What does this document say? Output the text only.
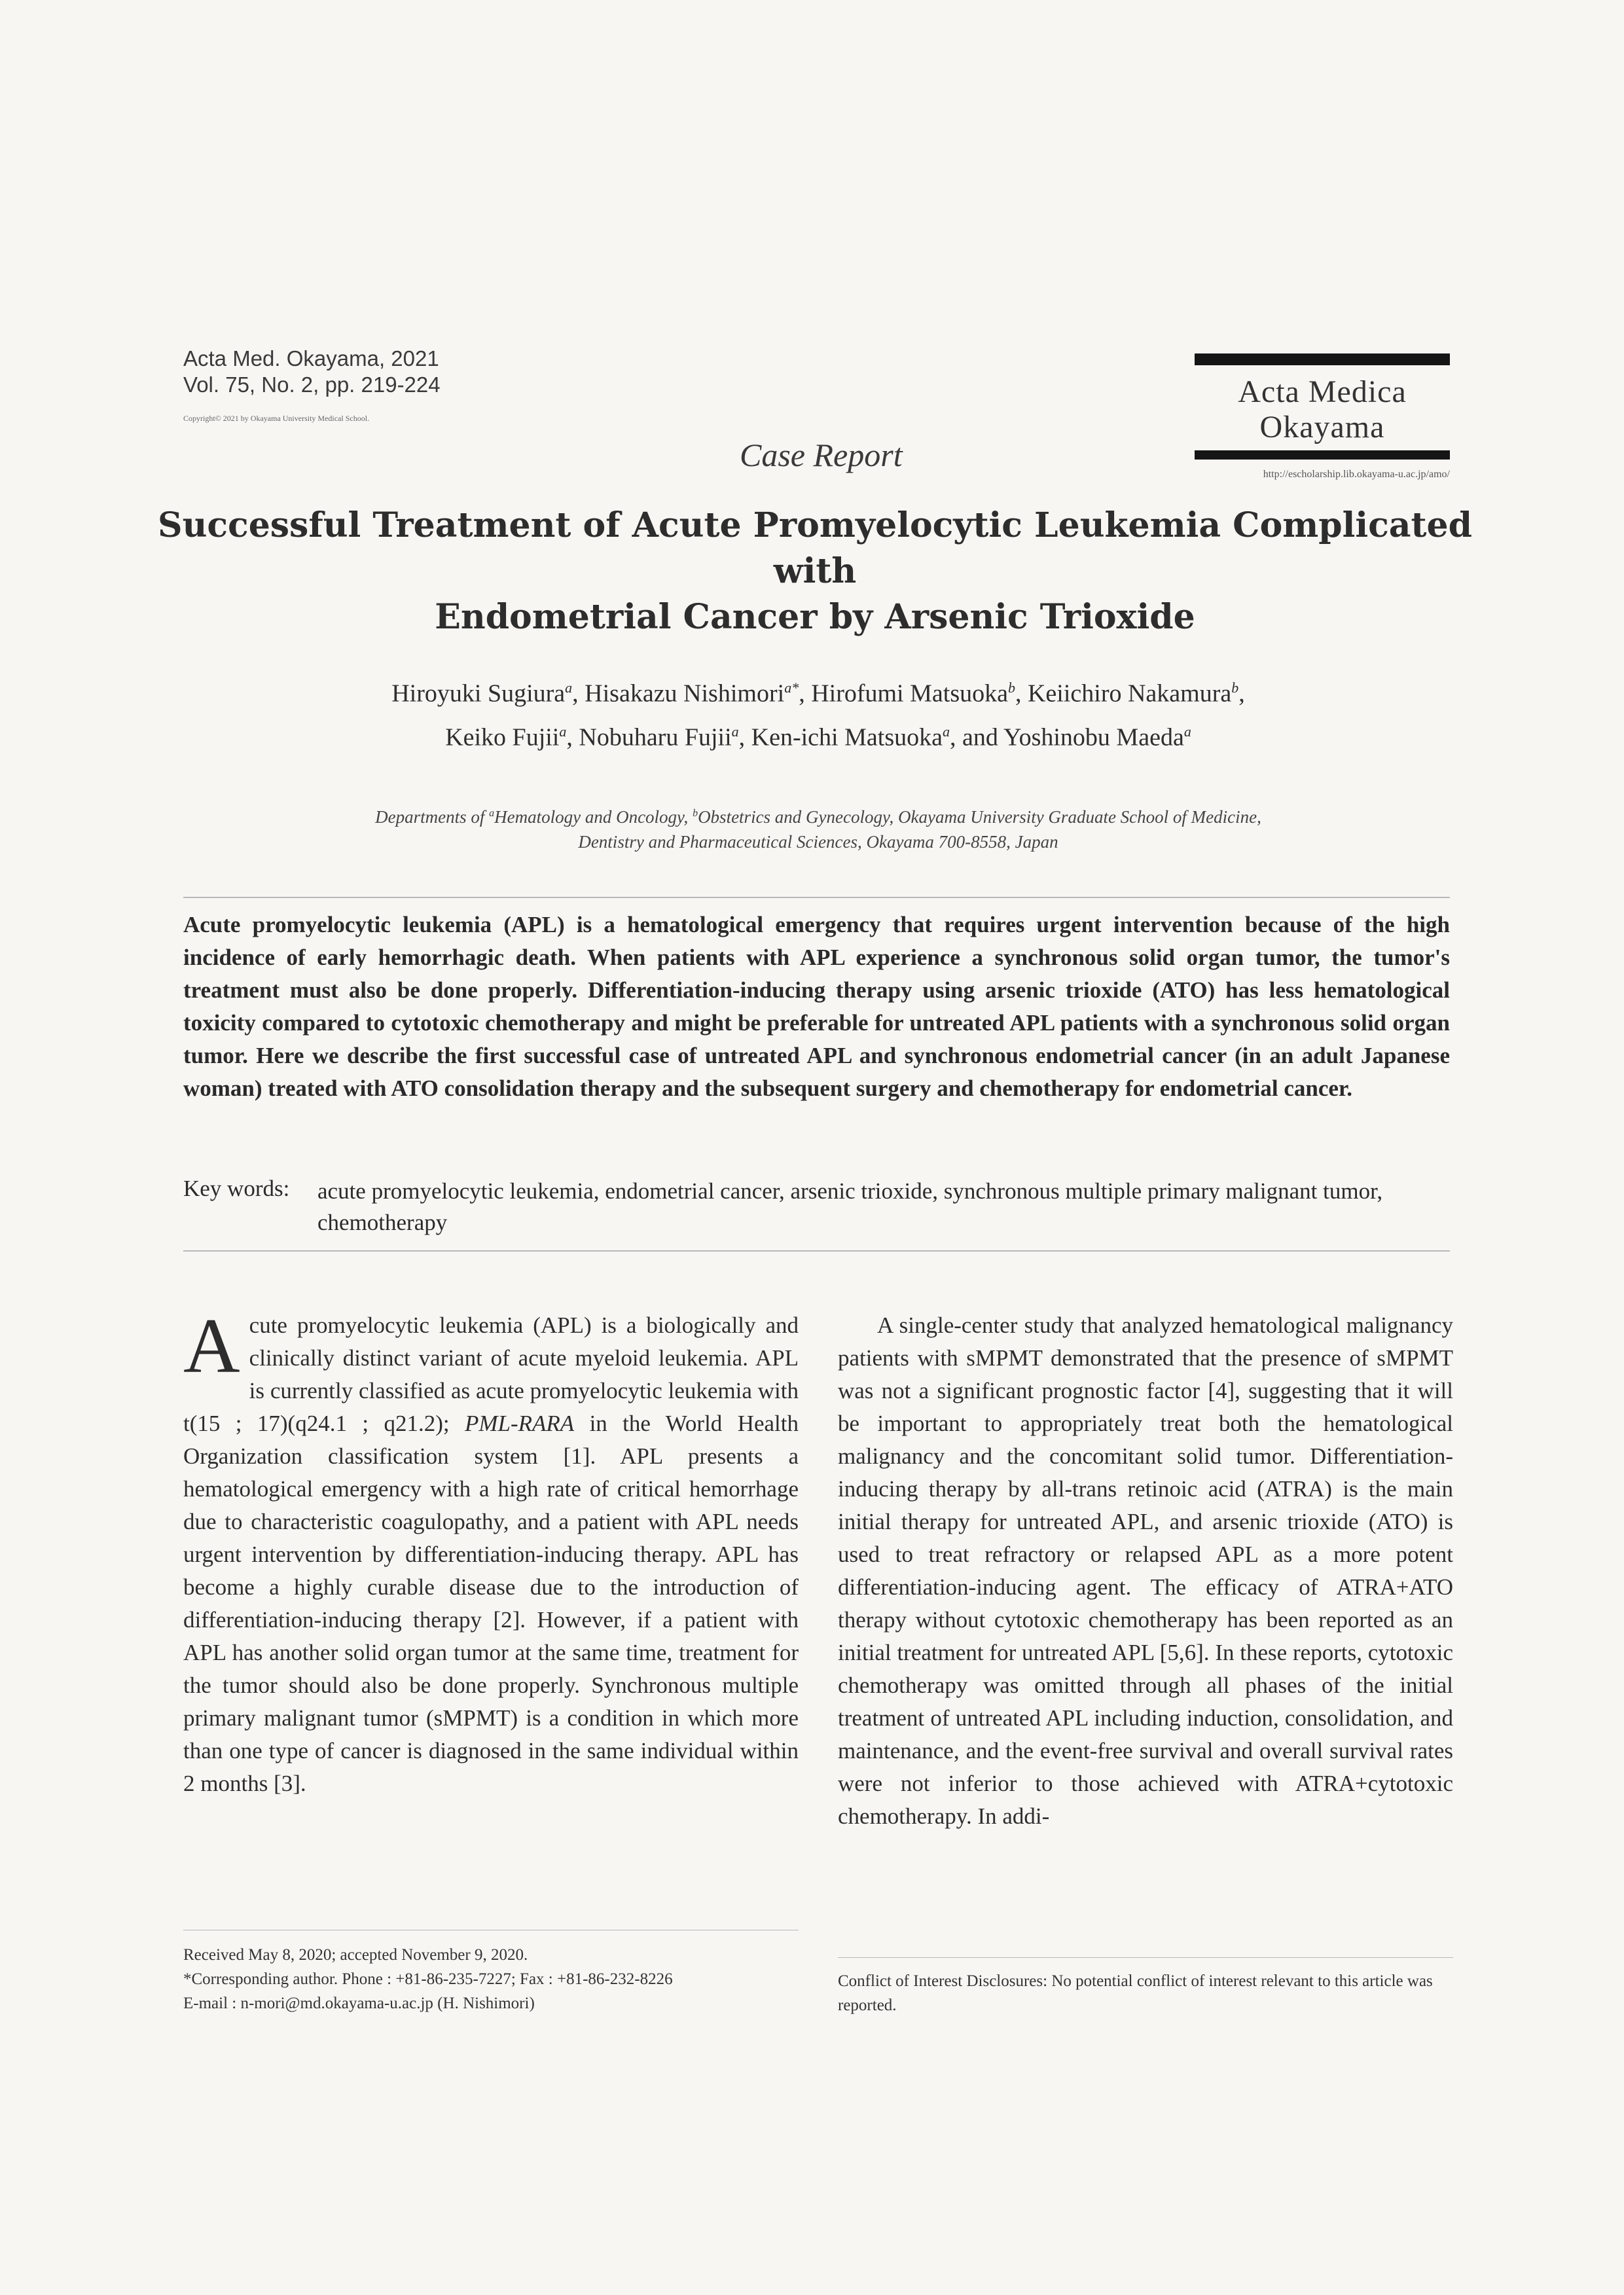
Acta Med. Okayama, 2021
Vol. 75, No. 2, pp. 219-224
Copyright© 2021 by Okayama University Medical School.
Case Report
Acta Medica
Okayama
http://escholarship.lib.okayama-u.ac.jp/amo/
Successful Treatment of Acute Promyelocytic Leukemia Complicated with
Endometrial Cancer by Arsenic Trioxide
Hiroyuki Sugiura$^a$, Hisakazu Nishimori$^{a*}$, Hirofumi Matsuoka$^b$, Keiichiro Nakamura$^b$,
Keiko Fujii$^a$, Nobuharu Fujii$^a$, Ken-ichi Matsuoka$^a$, and Yoshinobu Maeda$^a$
Departments of $^a$Hematology and Oncology, $^b$Obstetrics and Gynecology, Okayama University Graduate School of Medicine,
Dentistry and Pharmaceutical Sciences, Okayama 700-8558, Japan
Acute promyelocytic leukemia (APL) is a hematological emergency that requires urgent intervention because of the high incidence of early hemorrhagic death. When patients with APL experience a synchronous solid organ tumor, the tumor's treatment must also be done properly. Differentiation-inducing therapy using arsenic trioxide (ATO) has less hematological toxicity compared to cytotoxic chemotherapy and might be preferable for untreated APL patients with a synchronous solid organ tumor. Here we describe the first successful case of untreated APL and synchronous endometrial cancer (in an adult Japanese woman) treated with ATO consolidation therapy and the subsequent surgery and chemotherapy for endometrial cancer.
Key words:	acute promyelocytic leukemia, endometrial cancer, arsenic trioxide, synchronous multiple primary malignant tumor, chemotherapy

Acute promyelocytic leukemia (APL) is a biologically and clinically distinct variant of acute myeloid leukemia. APL is currently classified as acute promyelocytic leukemia with t(15 ; 17)(q24.1 ; q21.2); PML-RARA in the World Health Organization classification system [1]. APL presents a hematological emergency with a high rate of critical hemorrhage due to characteristic coagulopathy, and a patient with APL needs urgent intervention by differentiation-inducing therapy. APL has become a highly curable disease due to the introduction of differentiation-inducing therapy [2]. However, if a patient with APL has another solid organ tumor at the same time, treatment for the tumor should also be done properly. Synchronous multiple primary malignant tumor (sMPMT) is a condition in which more than one type of cancer is diagnosed in the same individual within 2 months [3].

A single-center study that analyzed hematological malignancy patients with sMPMT demonstrated that the presence of sMPMT was not a significant prognostic factor [4], suggesting that it will be important to appropriately treat both the hematological malignancy and the concomitant solid tumor. Differentiation-inducing therapy by all-trans retinoic acid (ATRA) is the main initial therapy for untreated APL, and arsenic trioxide (ATO) is used to treat refractory or relapsed APL as a more potent differentiation-inducing agent. The efficacy of ATRA+ATO therapy without cytotoxic chemotherapy has been reported as an initial treatment for untreated APL [5,6]. In these reports, cytotoxic chemotherapy was omitted through all phases of the initial treatment of untreated APL including induction, consolidation, and maintenance, and the event-free survival and overall survival rates were not inferior to those achieved with ATRA+cytotoxic chemotherapy. In addi-

Received May 8, 2020; accepted November 9, 2020.
*Corresponding author. Phone : +81-86-235-7227; Fax : +81-86-232-8226
E-mail : n-mori@md.okayama-u.ac.jp (H. Nishimori)
Conflict of Interest Disclosures: No potential conflict of interest relevant to this article was reported.
